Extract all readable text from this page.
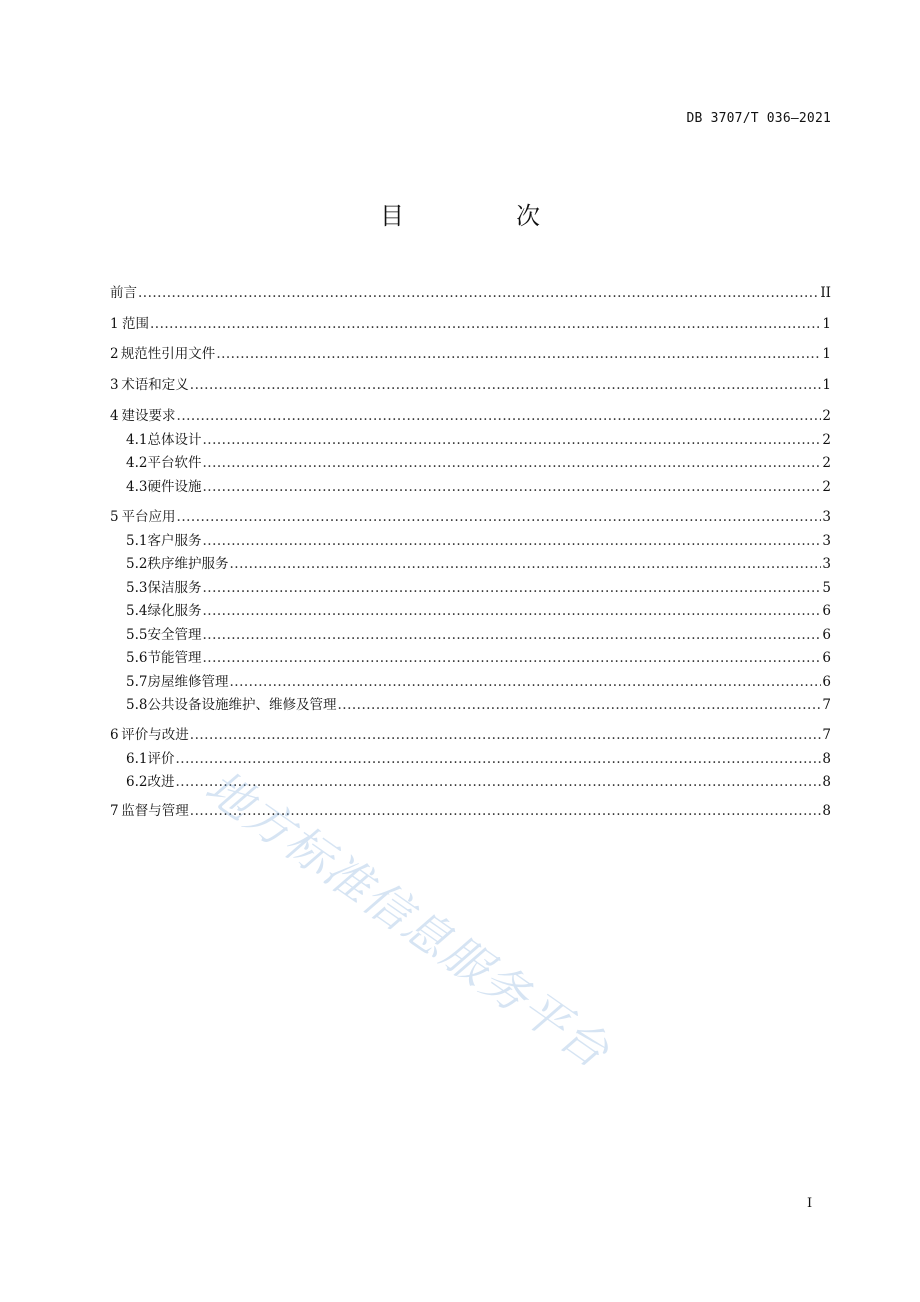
DB 3707/T 036—2021
目　次
前言 .....	II
1 范围 .....	1
2 规范性引用文件 .....	1
3 术语和定义 .....	1
4 建设要求 .....	2
4.1 总体设计 .....	2
4.2 平台软件 .....	2
4.3 硬件设施 .....	2
5 平台应用 .....	3
5.1 客户服务 .....	3
5.2 秩序维护服务 .....	3
5.3 保洁服务 .....	5
5.4 绿化服务 .....	6
5.5 安全管理 .....	6
5.6 节能管理 .....	6
5.7 房屋维修管理 .....	6
5.8 公共设备设施维护、维修及管理 .....	7
6 评价与改进 .....	7
6.1 评价 .....	8
6.2 改进 .....	8
7 监督与管理 .....	8
地方标准信息服务平台
I
